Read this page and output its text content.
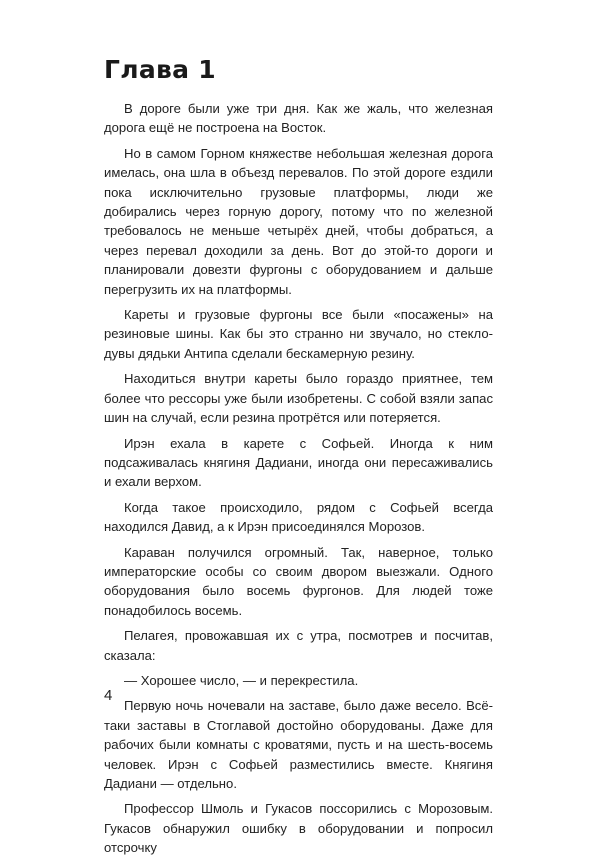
Глава 1

В дороге были уже три дня. Как же жаль, что железная дорога ещё не построена на Восток.

Но в самом Горном княжестве небольшая железная дорога имелась, она шла в объезд перевалов. По этой дороге ездили пока исключительно грузовые платформы, люди же добирались через горную дорогу, потому что по железной требовалось не меньше четырёх дней, чтобы добраться, а через перевал доходили за день. Вот до этой-то дороги и планировали довезти фургоны с оборудованием и дальше перегрузить их на платформы.

Кареты и грузовые фургоны все были «посажены» на резиновые шины. Как бы это странно ни звучало, но стеклодувы дядьки Антипа сделали бескамерную резину.

Находиться внутри кареты было гораздо приятнее, тем более что рессоры уже были изобретены. С собой взяли запас шин на случай, если резина протрётся или потеряется.

Ирэн ехала в карете с Софьей. Иногда к ним подсаживалась княгиня Дадиани, иногда они пересаживались и ехали верхом.

Когда такое происходило, рядом с Софьей всегда находился Давид, а к Ирэн присоединялся Морозов.

Караван получился огромный. Так, наверное, только императорские особы со своим двором выезжали. Одного оборудования было восемь фургонов. Для людей тоже понадобилось восемь.

Пелагея, провожавшая их с утра, посмотрев и посчитав, сказала:

— Хорошее число, — и перекрестила.

Первую ночь ночевали на заставе, было даже весело. Всё-таки заставы в Стоглавой достойно оборудованы. Даже для рабочих были комнаты с кроватями, пусть и на шесть-восемь человек. Ирэн с Софьей разместились вместе. Княгиня Дадиани — отдельно.

Профессор Шмоль и Гукасов поссорились с Морозовым. Гукасов обнаружил ошибку в оборудовании и попросил отсрочку

4
